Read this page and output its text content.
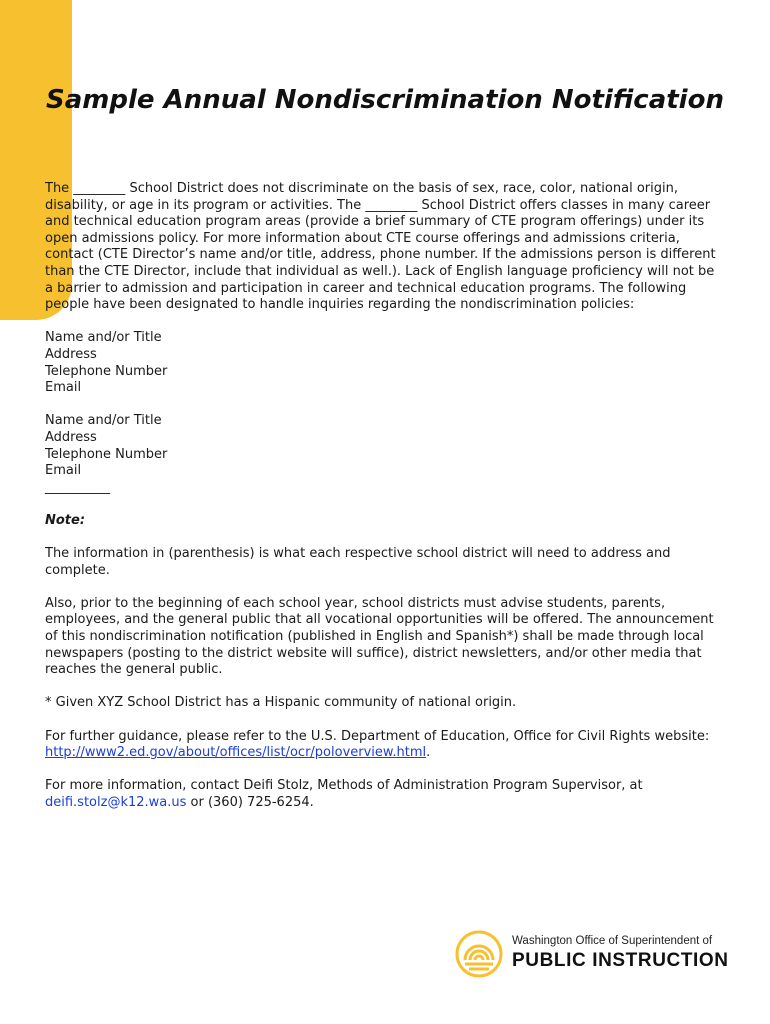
Sample Annual Nondiscrimination Notification

The ________ School District does not discriminate on the basis of sex, race, color, national origin, disability, or age in its program or activities. The ________ School District offers classes in many career and technical education program areas (provide a brief summary of CTE program offerings) under its open admissions policy. For more information about CTE course offerings and admissions criteria, contact (CTE Director’s name and/or title, address, phone number. If the admissions person is different than the CTE Director, include that individual as well.). Lack of English language proficiency will not be a barrier to admission and participation in career and technical education programs. The following people have been designated to handle inquiries regarding the nondiscrimination policies:

Name and/or Title
Address
Telephone Number
Email

Name and/or Title
Address
Telephone Number
Email
__________

Note:

The information in (parenthesis) is what each respective school district will need to address and complete.

Also, prior to the beginning of each school year, school districts must advise students, parents, employees, and the general public that all vocational opportunities will be offered. The announcement of this nondiscrimination notification (published in English and Spanish*) shall be made through local newspapers (posting to the district website will suffice), district newsletters, and/or other media that reaches the general public.

* Given XYZ School District has a Hispanic community of national origin.

For further guidance, please refer to the U.S. Department of Education, Office for Civil Rights website: http://www2.ed.gov/about/offices/list/ocr/poloverview.html.

For more information, contact Deifi Stolz, Methods of Administration Program Supervisor, at deifi.stolz@k12.wa.us or (360) 725-6254.

Washington Office of Superintendent of
PUBLIC INSTRUCTION
